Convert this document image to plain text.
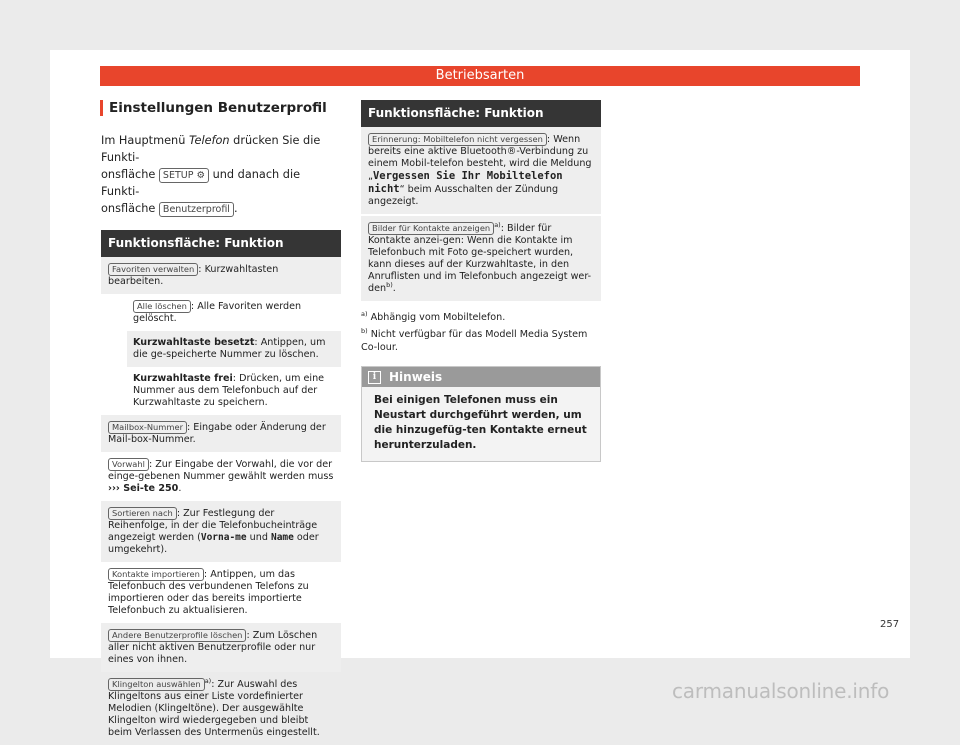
Betriebsarten
Einstellungen Benutzerprofil

Im Hauptmenü Telefon drücken Sie die Funkti-
onsfläche SETUP ⚙ und danach die Funkti-
onsfläche Benutzerprofil .

Funktionsfläche: Funktion
Favoriten verwalten : Kurzwahltasten bearbeiten.
Alle löschen : Alle Favoriten werden gelöscht.
Kurzwahltaste besetzt: Antippen, um die ge-speicherte Nummer zu löschen.
Kurzwahltaste frei: Drücken, um eine Nummer aus dem Telefonbuch auf der Kurzwahltaste zu speichern.
Mailbox-Nummer : Eingabe oder Änderung der Mail-box-Nummer.
Vorwahl : Zur Eingabe der Vorwahl, die vor der einge-gebenen Nummer gewählt werden muss ››› Sei-te 250.
Sortieren nach : Zur Festlegung der Reihenfolge, in der die Telefonbucheinträge angezeigt werden (Vorna-me und Name oder umgekehrt).
Kontakte importieren : Antippen, um das Telefonbuch des verbundenen Telefons zu importieren oder das bereits importierte Telefonbuch zu aktualisieren.
Andere Benutzerprofile löschen : Zum Löschen aller nicht aktiven Benutzerprofile oder nur eines von ihnen.
Klingelton auswählen $^{a)}$: Zur Auswahl des Klingeltons aus einer Liste vordefinierter Melodien (Klingeltöne). Der ausgewählte Klingelton wird wiedergegeben und bleibt beim Verlassen des Untermenüs eingestellt.
Funktionsfläche: Funktion
Erinnerung: Mobiltelefon nicht vergessen : Wenn bereits eine aktive Bluetooth®-Verbindung zu einem Mobil-telefon besteht, wird die Meldung „Vergessen Sie Ihr Mobiltelefon nicht“ beim Ausschalten der Zündung angezeigt.
Bilder für Kontakte anzeigen $^{a)}$: Bilder für Kontakte anzei-gen: Wenn die Kontakte im Telefonbuch mit Foto ge-speichert wurden, kann dieses auf der Kurzwahltaste, in den Anruflisten und im Telefonbuch angezeigt wer-den$^{b)}$.

$^{a)}$ Abhängig vom Mobiltelefon.

$^{b)}$ Nicht verfügbar für das Modell Media System Co-lour.

i	Hinweis
Bei einigen Telefonen muss ein Neustart durchgeführt werden, um die hinzugefüg-ten Kontakte erneut herunterzuladen.
257
carmanualsonline.info
